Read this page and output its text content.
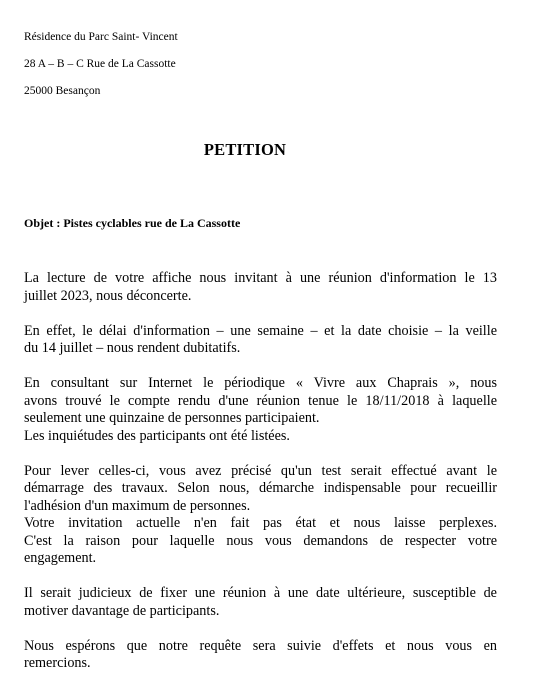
Résidence du Parc Saint- Vincent
28 A – B – C Rue de La Cassotte
25000 Besançon
PETITION
Objet : Pistes cyclables rue de La Cassotte

La lecture de votre affiche nous invitant à une réunion d'information le 13
juillet 2023, nous déconcerte.

En effet, le délai d'information – une semaine – et la date choisie – la veille
du 14 juillet – nous rendent dubitatifs.

En consultant sur Internet le périodique « Vivre aux Chaprais », nous
avons trouvé le compte rendu d'une réunion tenue le 18/11/2018 à laquelle
seulement une quinzaine de personnes participaient.
Les inquiétudes des participants ont été listées.

Pour lever celles-ci, vous avez précisé qu'un test serait effectué avant le
démarrage des travaux. Selon nous, démarche indispensable pour recueillir
l'adhésion d'un maximum de personnes.
Votre invitation actuelle n'en fait pas état et nous laisse perplexes.
C'est la raison pour laquelle nous vous demandons de respecter votre
engagement.

Il serait judicieux de fixer une réunion à une date ultérieure, susceptible de
motiver davantage de participants.

Nous espérons que notre requête sera suivie d'effets et nous vous en
remercions.
